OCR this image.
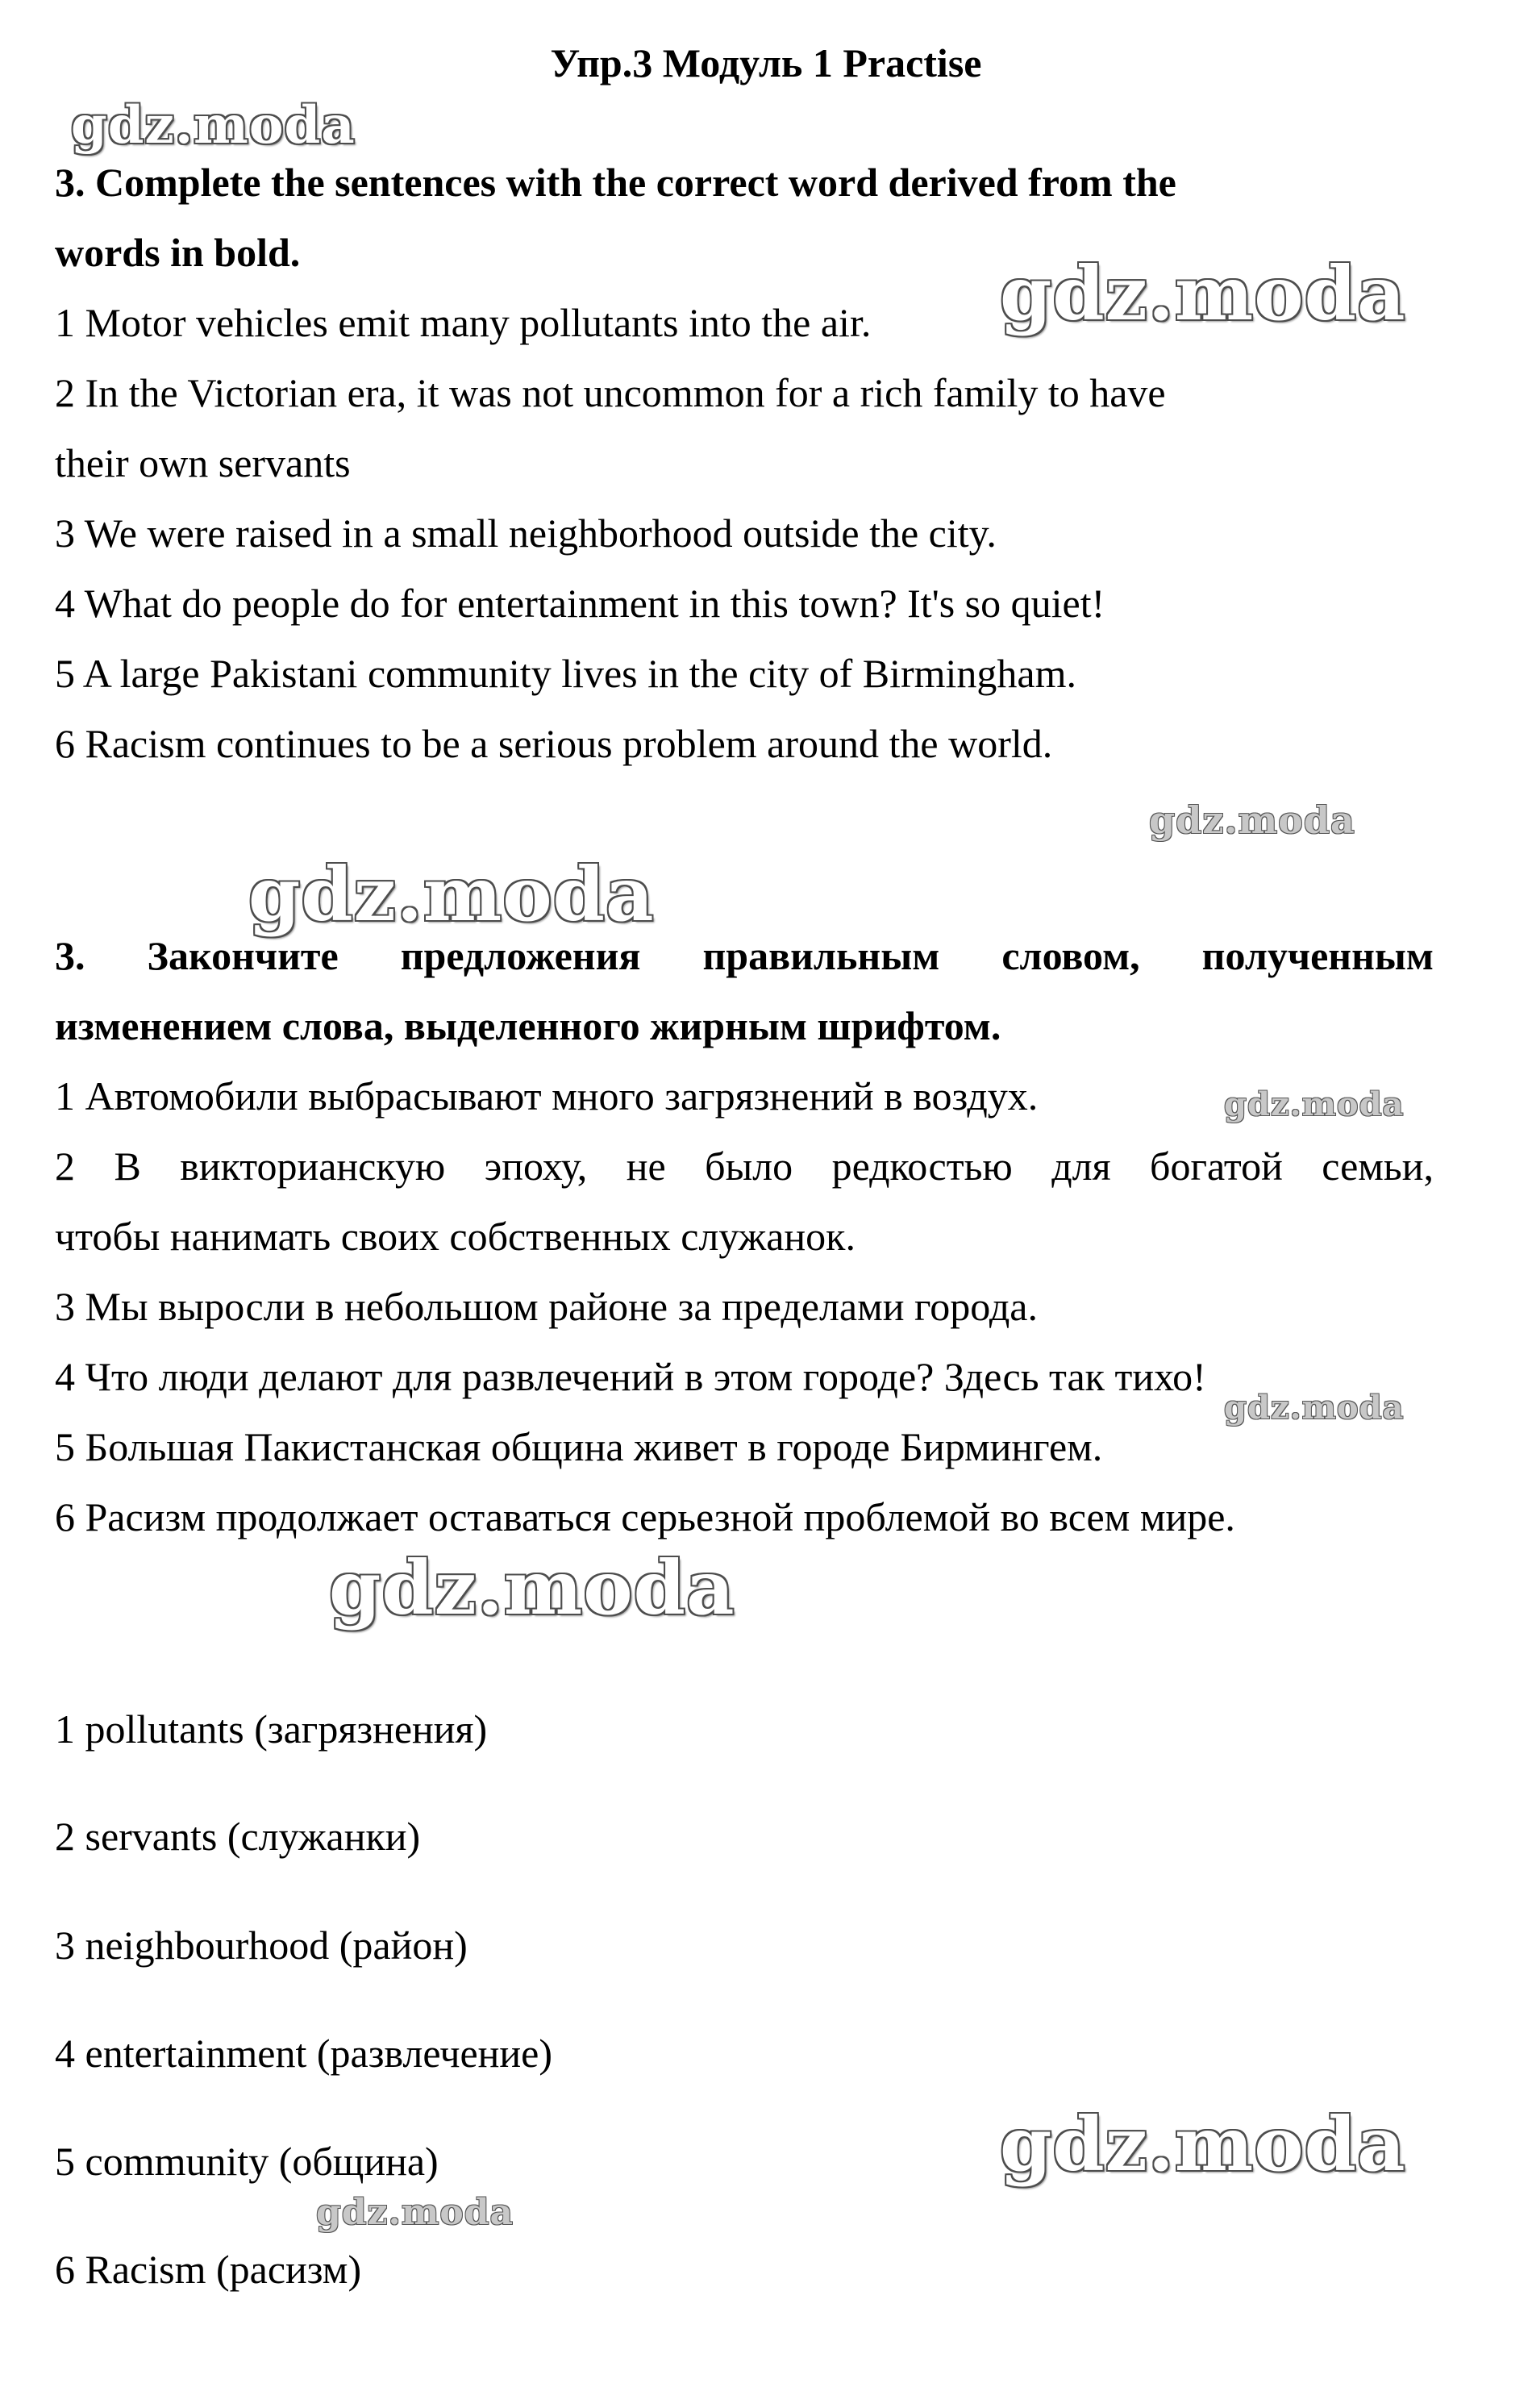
Упр.3 Модуль 1 Practise
3. Complete the sentences with the correct word derived from the
words in bold.
1 Motor vehicles emit many pollutants into the air.
2 In the Victorian era, it was not uncommon for a rich family to have
their own servants
3 We were raised in a small neighborhood outside the city.
4 What do people do for entertainment in this town? It's so quiet!
5 A large Pakistani community lives in the city of Birmingham.
6 Racism continues to be a serious problem around the world.
3. Закончите предложения правильным словом, полученным
изменением слова, выделенного жирным шрифтом.
1 Автомобили выбрасывают много загрязнений в воздух.
2 В викторианскую эпоху, не было редкостью для богатой семьи,
чтобы нанимать своих собственных служанок.
3 Мы выросли в небольшом районе за пределами города.
4 Что люди делают для развлечений в этом городе? Здесь так тихо!
5 Большая Пакистанская община живет в городе Бирмингем.
6 Расизм продолжает оставаться серьезной проблемой во всем мире.
1 pollutants (загрязнения)
2 servants (служанки)
3 neighbourhood (район)
4 entertainment (развлечение)
5 community (община)
6 Racism (расизм)
gdz.moda
gdz.moda
gdz.moda
gdz.moda
gdz.moda
gdz.moda
gdz.moda
gdz.moda
gdz.moda
